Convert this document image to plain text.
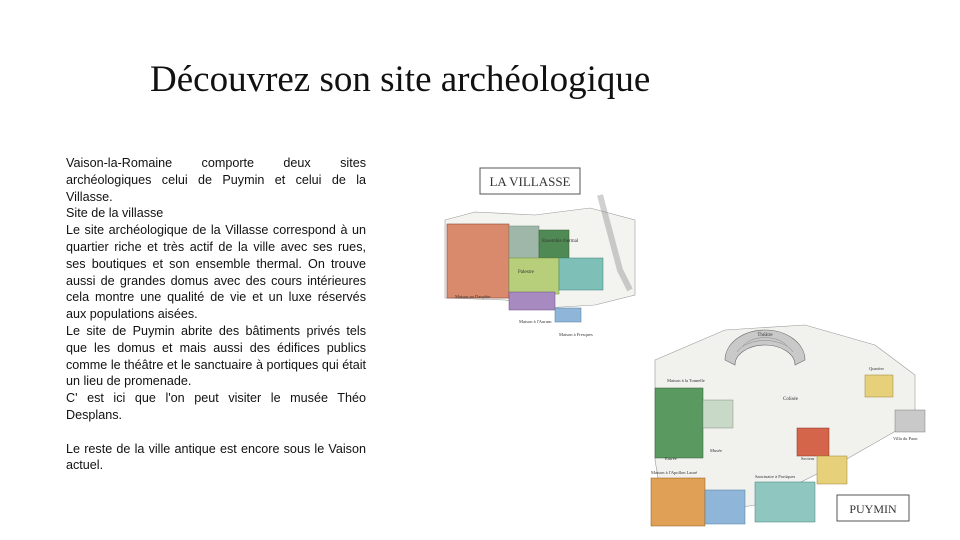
Découvrez son site archéologique

Vaison-la-Romaine comporte deux sites archéologiques celui de Puymin et celui de la Villasse.

Site de la villasse

Le site archéologique de la Villasse correspond à un quartier riche et très actif de la ville avec ses rues, ses boutiques et son ensemble thermal. On trouve aussi de grandes domus avec des cours intérieures cela montre une qualité de vie et un luxe réservés aux populations aisées.

Le site de Puymin abrite des bâtiments privés tels que les domus et mais aussi des édifices publics comme le théâtre et le sanctuaire à portiques qui était un lieu de promenade.

C' est ici que l'on peut visiter le musée Théo Desplans.

Le reste de la ville antique est encore sous le Vaison actuel.

LA VILLASSE
Ensemble thermal
Palestre
Maison au Dauphin
Maison à l'Aurum
Maison à Fresques	Théâtre
Colisée
Maison à la Tonnelle
Quartier
Villa du Paon
Sanctuaire à Portiques
Maison à l'Apollon Lauré
Secteur
Entrée
Musée
PUYMIN
